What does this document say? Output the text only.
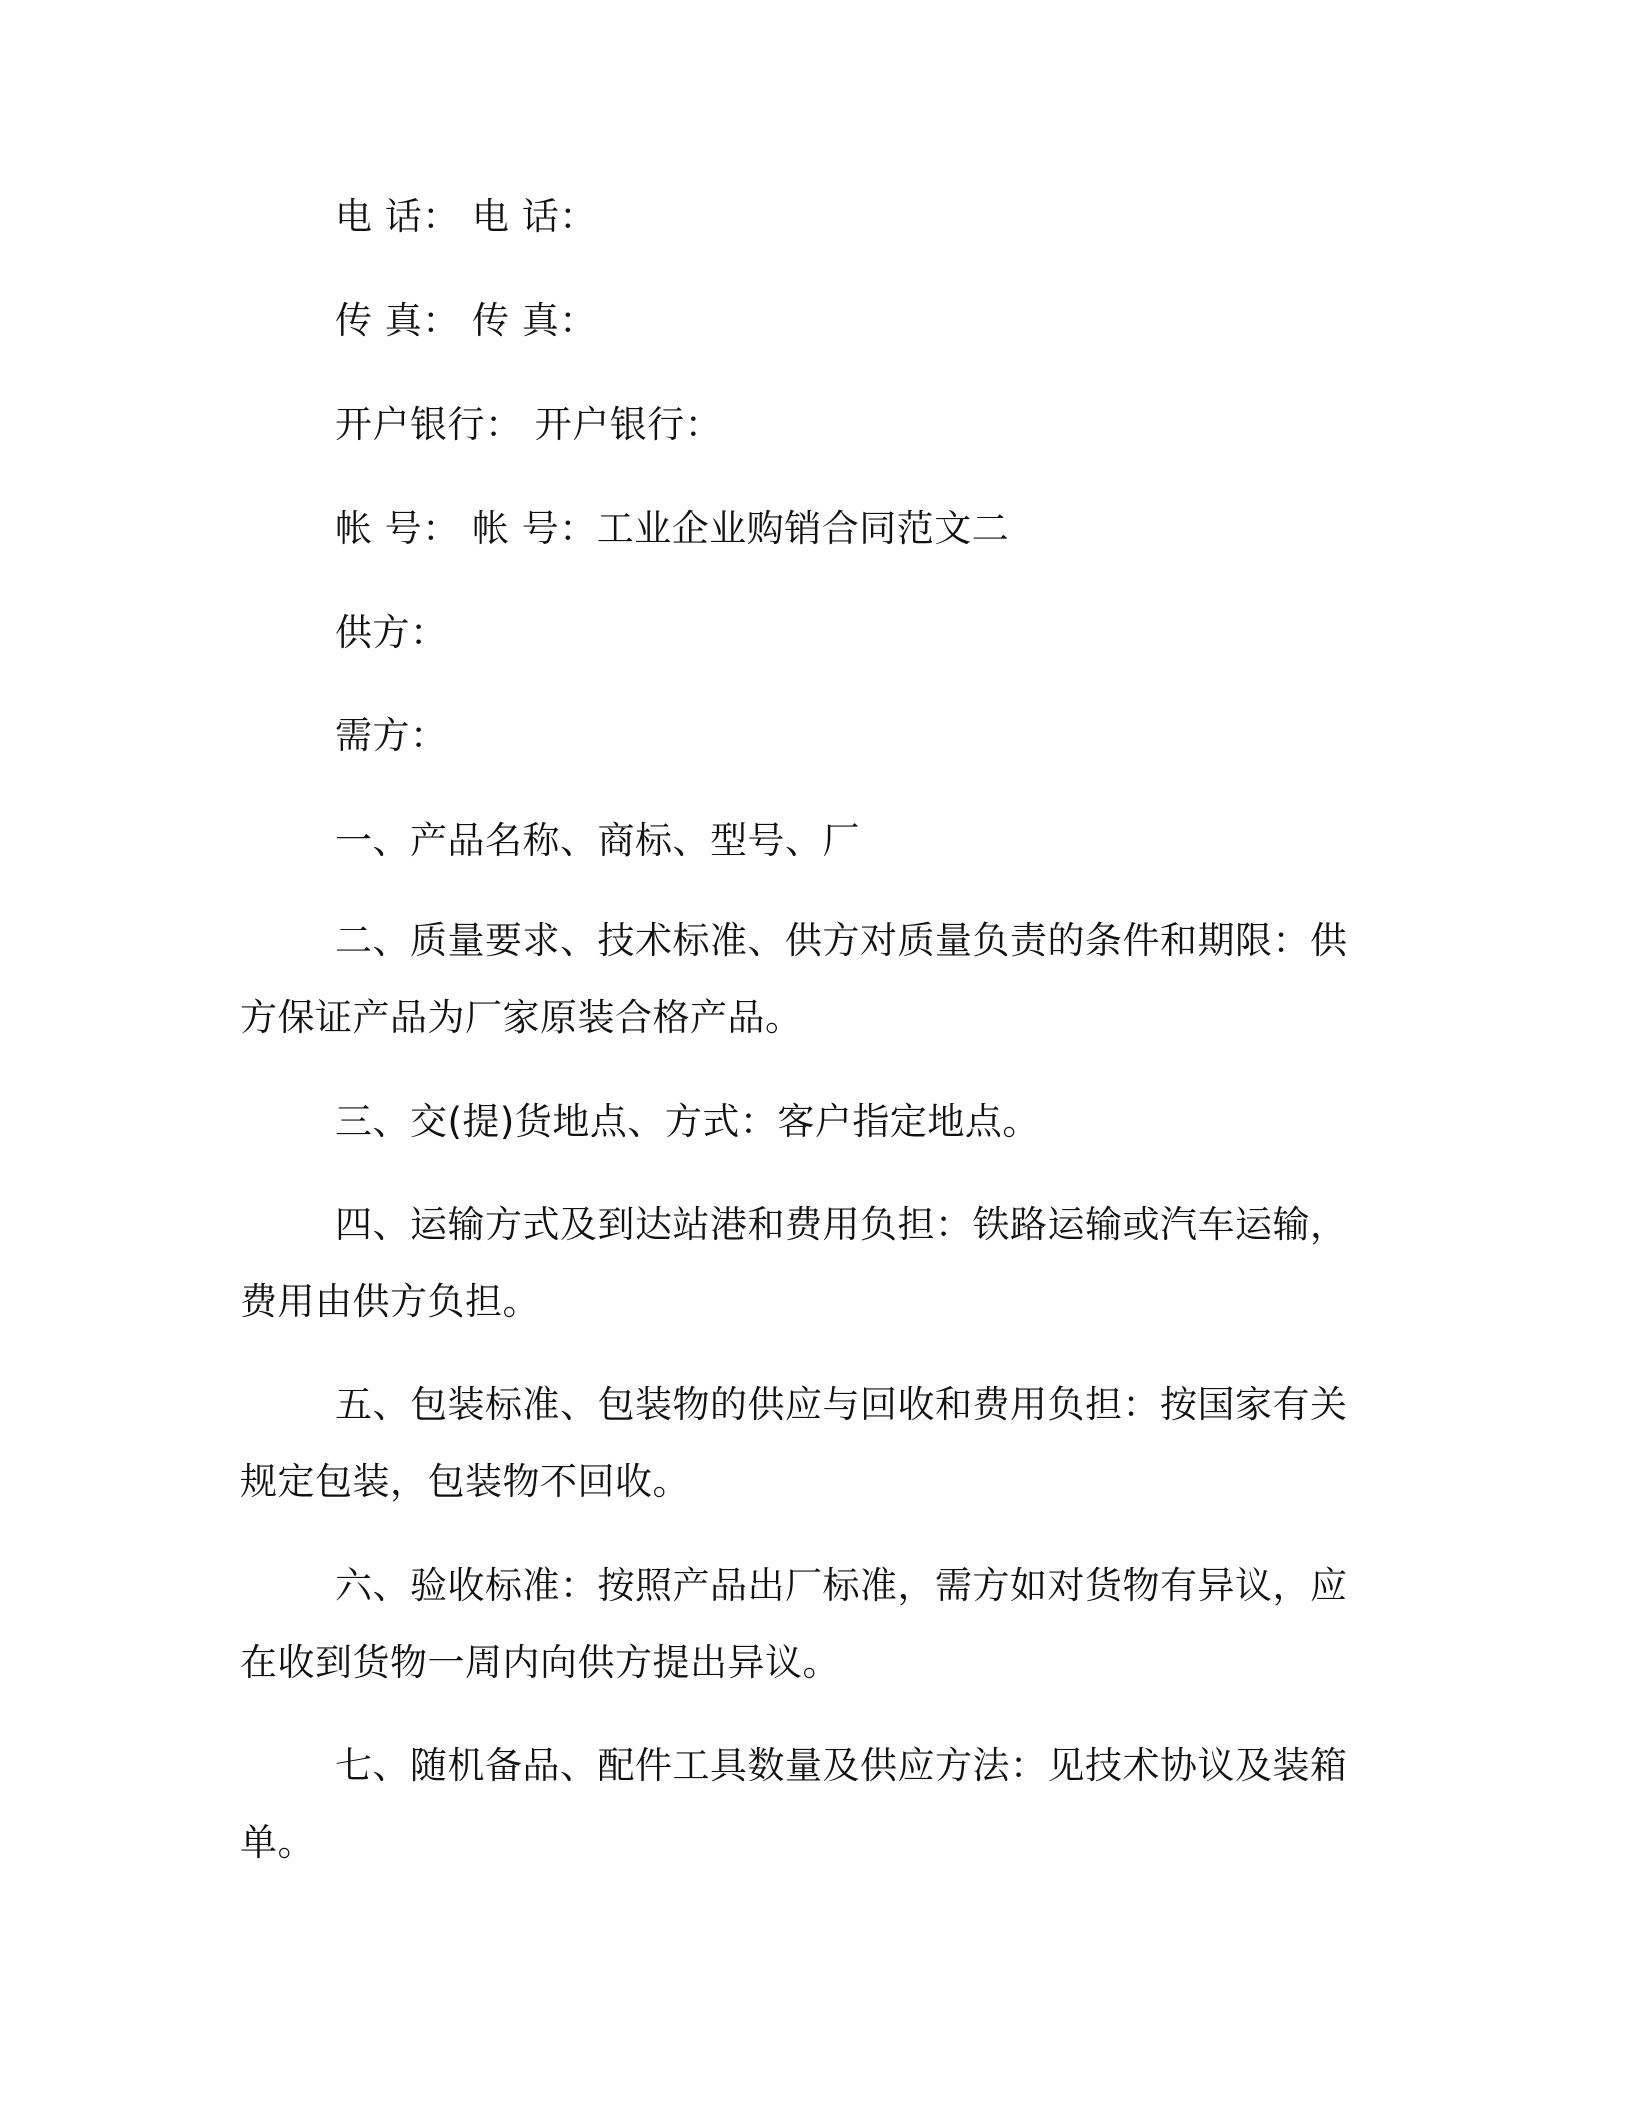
电 话： 电 话：

传 真： 传 真：

开户银行： 开户银行：

帐 号： 帐 号：工业企业购销合同范文二

供方：

需方：

一、产品名称、商标、型号、厂

二、质量要求、技术标准、供方对质量负责的条件和期限：供方保证产品为厂家原装合格产品。

三、交(提)货地点、方式：客户指定地点。

四、运输方式及到达站港和费用负担：铁路运输或汽车运输，费用由供方负担。

五、包装标准、包装物的供应与回收和费用负担：按国家有关规定包装，包装物不回收。

六、验收标准：按照产品出厂标准，需方如对货物有异议，应在收到货物一周内向供方提出异议。

七、随机备品、配件工具数量及供应方法：见技术协议及装箱单。
